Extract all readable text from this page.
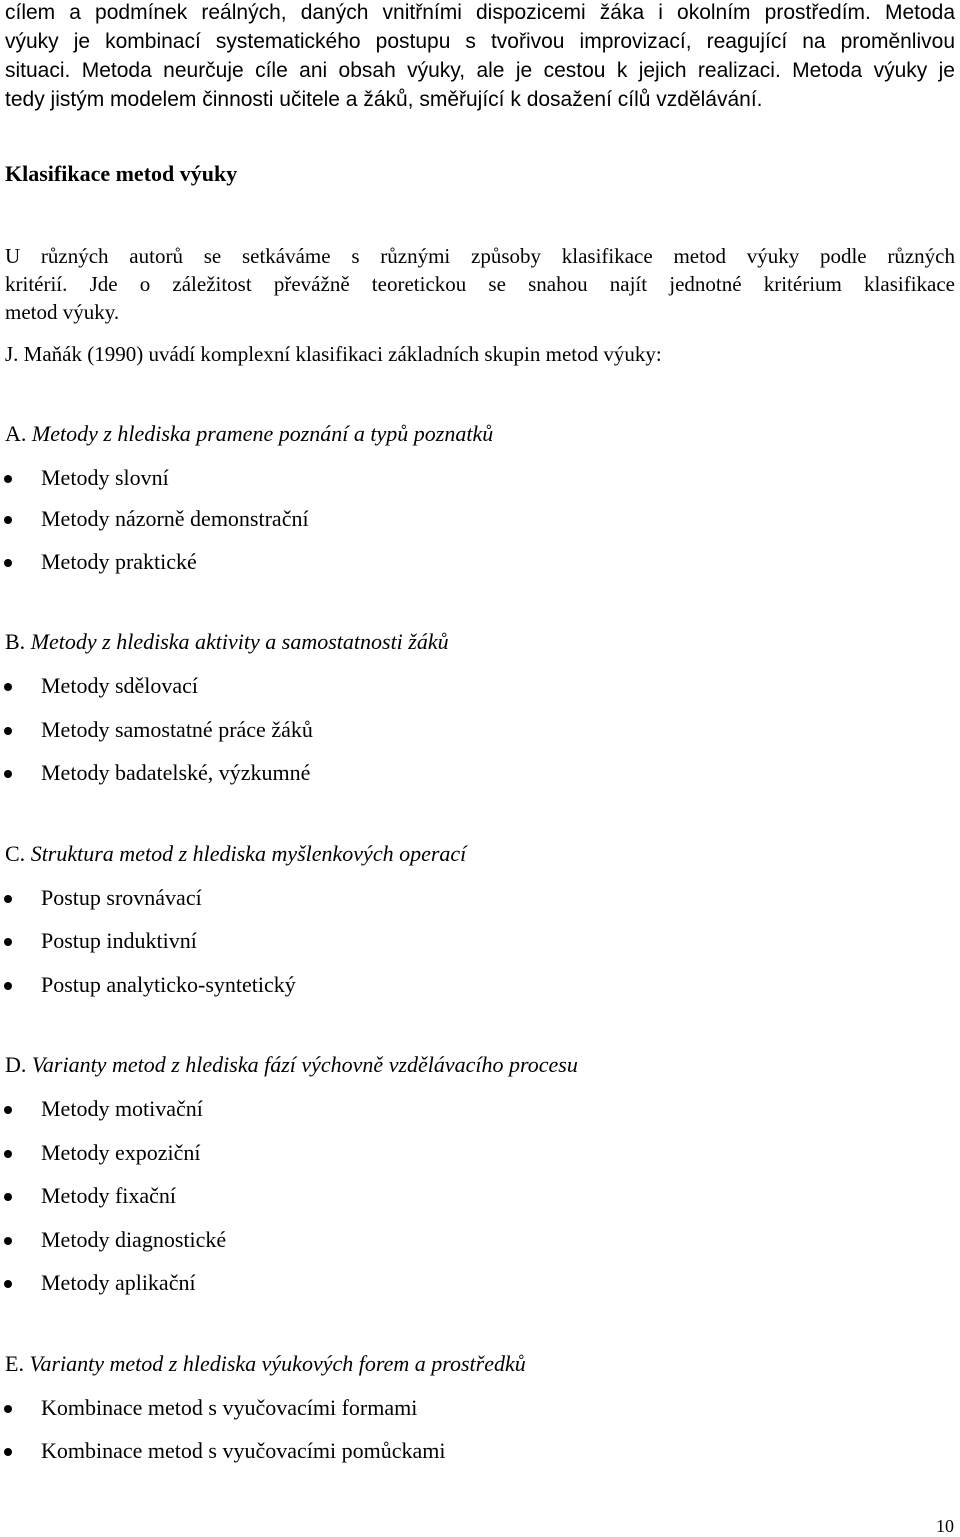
cílem a podmínek reálných, daných vnitřními dispozicemi žáka i okolním prostředím. Metoda
výuky je kombinací systematického postupu s tvořivou improvizací, reagující na proměnlivou
situaci. Metoda neurčuje cíle ani obsah výuky, ale je cestou k jejich realizaci. Metoda výuky je
tedy jistým modelem činnosti učitele a žáků, směřující k dosažení cílů vzdělávání.
Klasifikace metod výuky
U různých autorů se setkáváme s různými způsoby klasifikace metod výuky podle různých
kritérií. Jde o záležitost převážně teoretickou se snahou najít jednotné kritérium klasifikace
metod výuky.
J. Maňák (1990) uvádí komplexní klasifikaci základních skupin metod výuky:
A. Metody z hlediska pramene poznání a typů poznatků
Metody slovní
Metody názorně demonstrační
Metody praktické
B. Metody z hlediska aktivity a samostatnosti žáků
Metody sdělovací
Metody samostatné práce žáků
Metody badatelské, výzkumné
C. Struktura metod z hlediska myšlenkových operací
Postup srovnávací
Postup induktivní
Postup analyticko-syntetický
D. Varianty metod z hlediska fází výchovně vzdělávacího procesu
Metody motivační
Metody expoziční
Metody fixační
Metody diagnostické
Metody aplikační
E. Varianty metod z hlediska výukových forem a prostředků
Kombinace metod s vyučovacími formami
Kombinace metod s vyučovacími pomůckami
10
